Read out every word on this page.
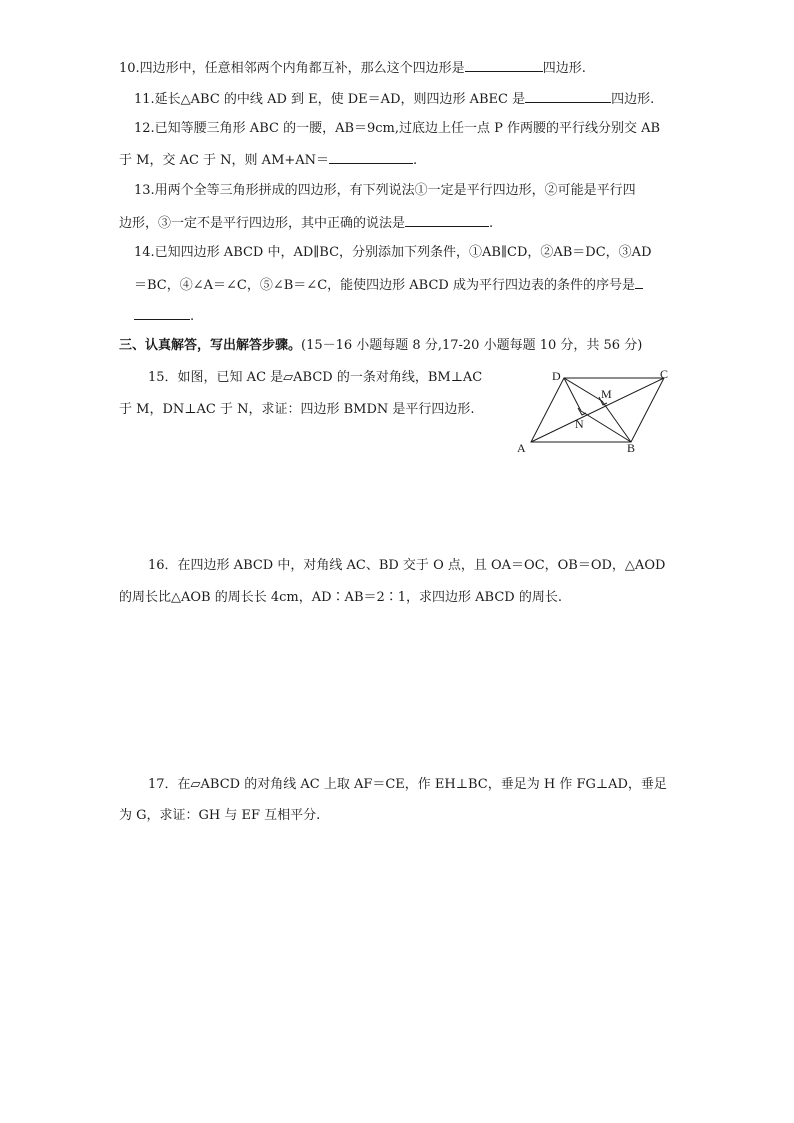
10.四边形中，任意相邻两个内角都互补，那么这个四边形是	四边形.
11.延长△ABC 的中线 AD 到 E，使 DE＝AD，则四边形 ABEC 是	四边形.
12.已知等腰三角形 ABC 的一腰，AB＝9cm,过底边上任一点 P 作两腰的平行线分别交 AB
于 M，交 AC 于 N，则 AM+AN＝	.
13.用两个全等三角形拼成的四边形，有下列说法①一定是平行四边形，②可能是平行四
边形，③一定不是平行四边形，其中正确的说法是	.
14.已知四边形 ABCD 中，AD∥BC，分别添加下列条件，①AB∥CD，②AB＝DC，③AD
＝BC，④∠A＝∠C，⑤∠B＝∠C，能使四边形 ABCD 成为平行四边表的条件的序号是
.
三、认真解答，写出解答步骤。(15－16 小题每题 8 分,17-20 小题每题 10 分，共 56 分)
15．如图，已知 AC 是▱ABCD 的一条对角线，BM⊥AC
于 M，DN⊥AC 于 N，求证：四边形 BMDN 是平行四边形.
A	B
C
D
M
N
16．在四边形 ABCD 中，对角线 AC、BD 交于 O 点，且 OA＝OC，OB＝OD，△AOD
的周长比△AOB 的周长长 4cm，AD∶AB＝2∶1，求四边形 ABCD 的周长.
17．在▱ABCD 的对角线 AC 上取 AF＝CE，作 EH⊥BC，垂足为 H 作 FG⊥AD，垂足
为 G，求证：GH 与 EF 互相平分.
